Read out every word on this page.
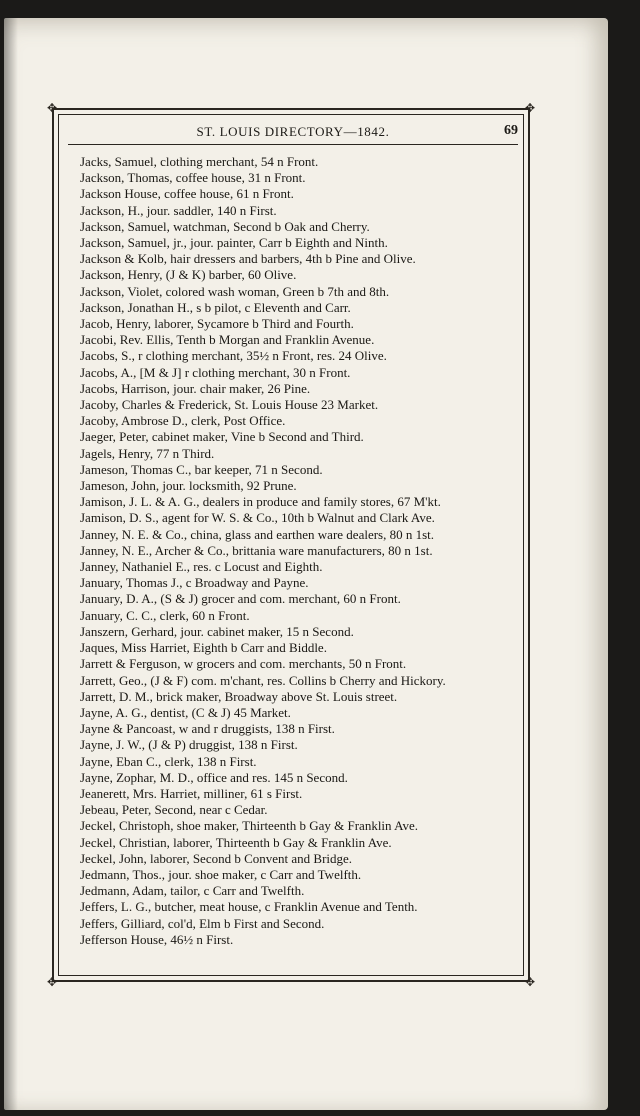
✥	✥
✥	✥
ST. LOUIS DIRECTORY—1842.	69
Jacks, Samuel, clothing merchant, 54 n Front.
Jackson, Thomas, coffee house, 31 n Front.
Jackson House, coffee house, 61 n Front.
Jackson, H., jour. saddler, 140 n First.
Jackson, Samuel, watchman, Second b Oak and Cherry.
Jackson, Samuel, jr., jour. painter, Carr b Eighth and Ninth.
Jackson & Kolb, hair dressers and barbers, 4th b Pine and Olive.
Jackson, Henry, (J & K) barber, 60 Olive.
Jackson, Violet, colored wash woman, Green b 7th and 8th.
Jackson, Jonathan H., s b pilot, c Eleventh and Carr.
Jacob, Henry, laborer, Sycamore b Third and Fourth.
Jacobi, Rev. Ellis, Tenth b Morgan and Franklin Avenue.
Jacobs, S., r clothing merchant, 35½ n Front, res. 24 Olive.
Jacobs, A., [M & J] r clothing merchant, 30 n Front.
Jacobs, Harrison, jour. chair maker, 26 Pine.
Jacoby, Charles & Frederick, St. Louis House 23 Market.
Jacoby, Ambrose D., clerk, Post Office.
Jaeger, Peter, cabinet maker, Vine b Second and Third.
Jagels, Henry, 77 n Third.
Jameson, Thomas C., bar keeper, 71 n Second.
Jameson, John, jour. locksmith, 92 Prune.
Jamison, J. L. & A. G., dealers in produce and family stores, 67 M'kt.
Jamison, D. S., agent for W. S. & Co., 10th b Walnut and Clark Ave.
Janney, N. E. & Co., china, glass and earthen ware dealers, 80 n 1st.
Janney, N. E., Archer & Co., brittania ware manufacturers, 80 n 1st.
Janney, Nathaniel E., res. c Locust and Eighth.
January, Thomas J., c Broadway and Payne.
January, D. A., (S & J) grocer and com. merchant, 60 n Front.
January, C. C., clerk, 60 n Front.
Janszern, Gerhard, jour. cabinet maker, 15 n Second.
Jaques, Miss Harriet, Eighth b Carr and Biddle.
Jarrett & Ferguson, w grocers and com. merchants, 50 n Front.
Jarrett, Geo., (J & F) com. m'chant, res. Collins b Cherry and Hickory.
Jarrett, D. M., brick maker, Broadway above St. Louis street.
Jayne, A. G., dentist, (C & J) 45 Market.
Jayne & Pancoast, w and r druggists, 138 n First.
Jayne, J. W., (J & P) druggist, 138 n First.
Jayne, Eban C., clerk, 138 n First.
Jayne, Zophar, M. D., office and res. 145 n Second.
Jeanerett, Mrs. Harriet, milliner, 61 s First.
Jebeau, Peter, Second, near c Cedar.
Jeckel, Christoph, shoe maker, Thirteenth b Gay & Franklin Ave.
Jeckel, Christian, laborer, Thirteenth b Gay & Franklin Ave.
Jeckel, John, laborer, Second b Convent and Bridge.
Jedmann, Thos., jour. shoe maker, c Carr and Twelfth.
Jedmann, Adam, tailor, c Carr and Twelfth.
Jeffers, L. G., butcher, meat house, c Franklin Avenue and Tenth.
Jeffers, Gilliard, col'd, Elm b First and Second.
Jefferson House, 46½ n First.
